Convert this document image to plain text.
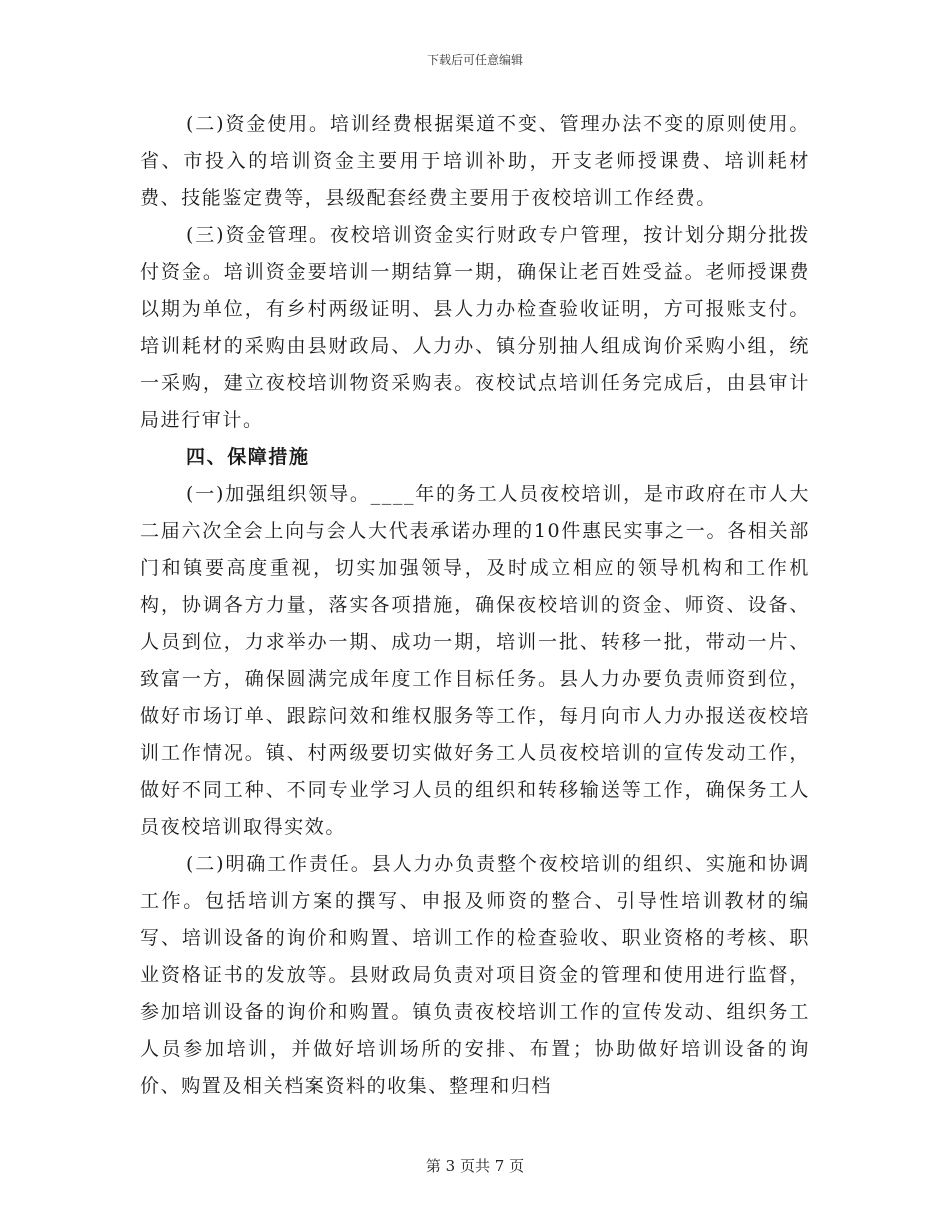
下载后可任意编辑

(二)资金使用。培训经费根据渠道不变、管理办法不变的原则使用。省、市投入的培训资金主要用于培训补助，开支老师授课费、培训耗材费、技能鉴定费等，县级配套经费主要用于夜校培训工作经费。

(三)资金管理。夜校培训资金实行财政专户管理，按计划分期分批拨付资金。培训资金要培训一期结算一期，确保让老百姓受益。老师授课费以期为单位，有乡村两级证明、县人力办检查验收证明，方可报账支付。培训耗材的采购由县财政局、人力办、镇分别抽人组成询价采购小组，统一采购，建立夜校培训物资采购表。夜校试点培训任务完成后，由县审计局进行审计。

四、保障措施

(一)加强组织领导。____年的务工人员夜校培训，是市政府在市人大二届六次全会上向与会人大代表承诺办理的10件惠民实事之一。各相关部门和镇要高度重视，切实加强领导，及时成立相应的领导机构和工作机构，协调各方力量，落实各项措施，确保夜校培训的资金、师资、设备、人员到位，力求举办一期、成功一期，培训一批、转移一批，带动一片、致富一方，确保圆满完成年度工作目标任务。县人力办要负责师资到位，做好市场订单、跟踪问效和维权服务等工作，每月向市人力办报送夜校培训工作情况。镇、村两级要切实做好务工人员夜校培训的宣传发动工作，做好不同工种、不同专业学习人员的组织和转移输送等工作，确保务工人员夜校培训取得实效。

(二)明确工作责任。县人力办负责整个夜校培训的组织、实施和协调工作。包括培训方案的撰写、申报及师资的整合、引导性培训教材的编写、培训设备的询价和购置、培训工作的检查验收、职业资格的考核、职业资格证书的发放等。县财政局负责对项目资金的管理和使用进行监督，参加培训设备的询价和购置。镇负责夜校培训工作的宣传发动、组织务工人员参加培训，并做好培训场所的安排、布置；协助做好培训设备的询价、购置及相关档案资料的收集、整理和归档

第 3 页共 7 页
